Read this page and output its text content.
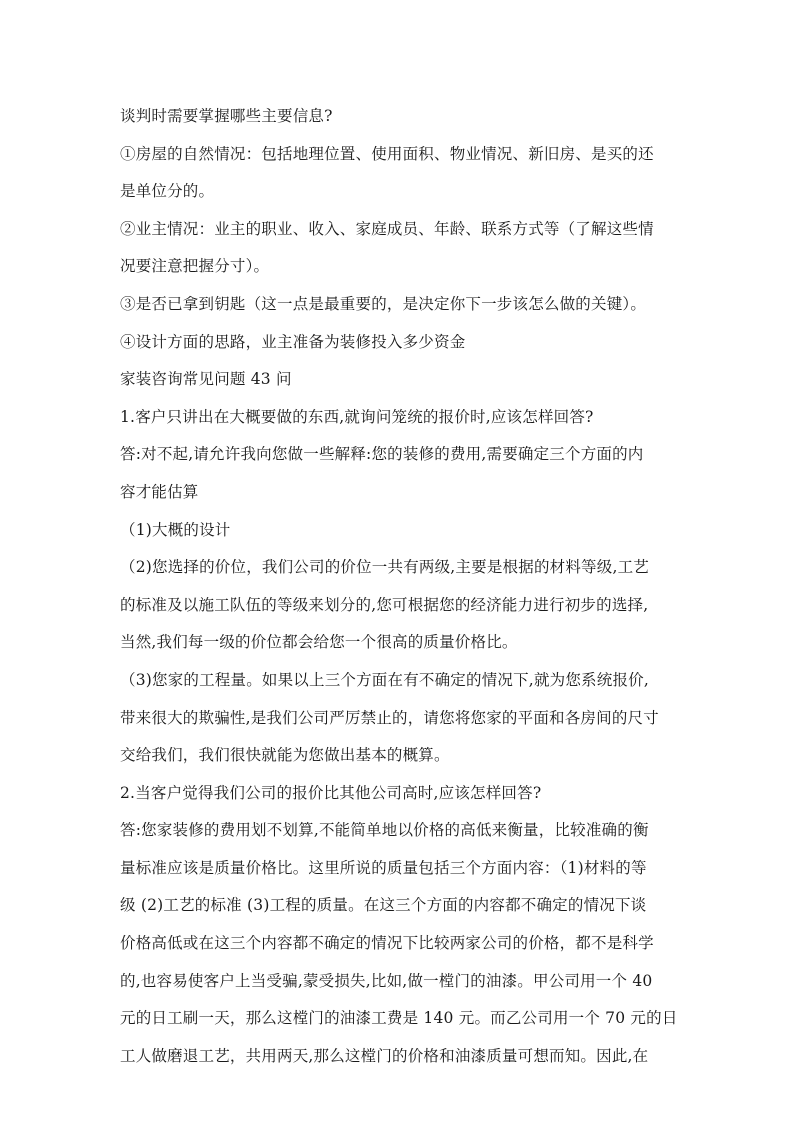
谈判时需要掌握哪些主要信息?
①房屋的自然情况：包括地理位置、使用面积、物业情况、新旧房、是买的还
是单位分的。
②业主情况：业主的职业、收入、家庭成员、年龄、联系方式等（了解这些情
况要注意把握分寸）。
③是否已拿到钥匙（这一点是最重要的，是决定你下一步该怎么做的关键）。
④设计方面的思路，业主准备为装修投入多少资金
家装咨询常见问题 43 问
1.客户只讲出在大概要做的东西,就询问笼统的报价时,应该怎样回答?
答:对不起,请允许我向您做一些解释:您的装修的费用,需要确定三个方面的内
容才能估算
（1)大概的设计
（2)您选择的价位，我们公司的价位一共有两级,主要是根据的材料等级,工艺
的标准及以施工队伍的等级来划分的,您可根据您的经济能力进行初步的选择,
当然,我们每一级的价位都会给您一个很高的质量价格比。
（3)您家的工程量。如果以上三个方面在有不确定的情况下,就为您系统报价,
带来很大的欺骗性,是我们公司严厉禁止的，请您将您家的平面和各房间的尺寸
交给我们，我们很快就能为您做出基本的概算。
2.当客户觉得我们公司的报价比其他公司高时,应该怎样回答?
答:您家装修的费用划不划算,不能简单地以价格的高低来衡量，比较准确的衡
量标准应该是质量价格比。这里所说的质量包括三个方面内容：（1)材料的等
级 (2)工艺的标准 (3)工程的质量。在这三个方面的内容都不确定的情况下谈
价格高低或在这三个内容都不确定的情况下比较两家公司的价格，都不是科学
的,也容易使客户上当受骗,蒙受损失,比如,做一樘门的油漆。甲公司用一个 40
元的日工刷一天，那么这樘门的油漆工费是 140 元。而乙公司用一个 70 元的日
工人做磨退工艺，共用两天,那么这樘门的价格和油漆质量可想而知。因此,在
